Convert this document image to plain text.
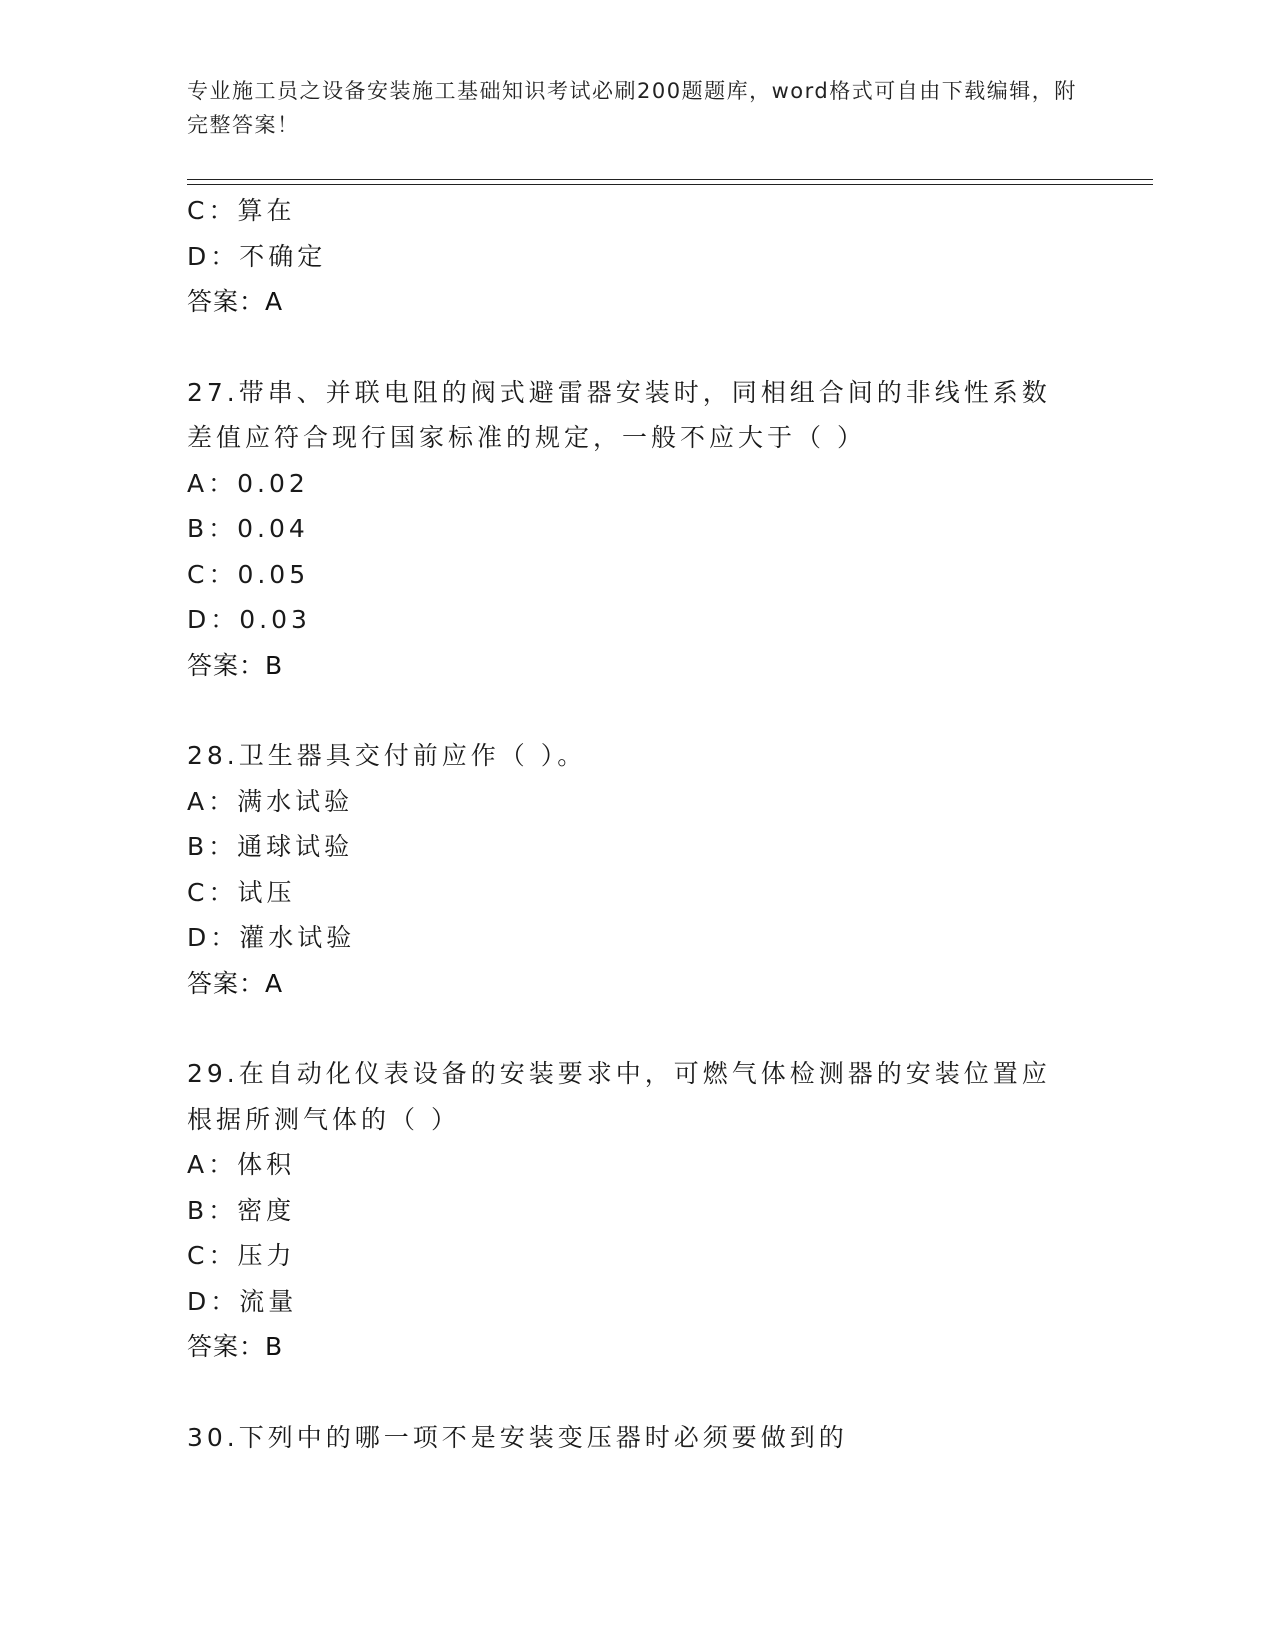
专业施工员之设备安装施工基础知识考试必刷200题题库，word格式可自由下载编辑，附完整答案！
C：算在
D：不确定
答案：A
27.带串、并联电阻的阀式避雷器安装时，同相组合间的非线性系数差值应符合现行国家标准的规定，一般不应大于（ ）
A：0.02
B：0.04
C：0.05
D：0.03
答案：B
28.卫生器具交付前应作（ ）。
A：满水试验
B：通球试验
C：试压
D：灌水试验
答案：A
29.在自动化仪表设备的安装要求中，可燃气体检测器的安装位置应根据所测气体的（ ）
A：体积
B：密度
C：压力
D：流量
答案：B
30.下列中的哪一项不是安装变压器时必须要做到的
